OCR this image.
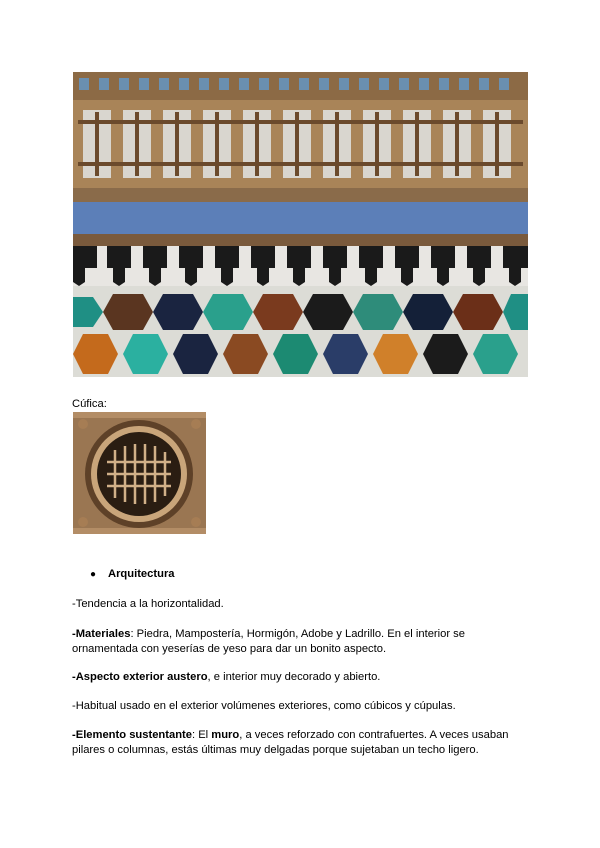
Cúfica:
● Arquitectura
-Tendencia a la horizontalidad.
-Materiales: Piedra, Mampostería, Hormigón, Adobe y Ladrillo. En el interior se
ornamentada con yeserías de yeso para dar un bonito aspecto.
-Aspecto exterior austero, e interior muy decorado y abierto.
-Habitual usado en el exterior volúmenes exteriores, como cúbicos y cúpulas.
-Elemento sustentante: El muro, a veces reforzado con contrafuertes. A veces usaban
pilares o columnas, estás últimas muy delgadas porque sujetaban un techo ligero.
